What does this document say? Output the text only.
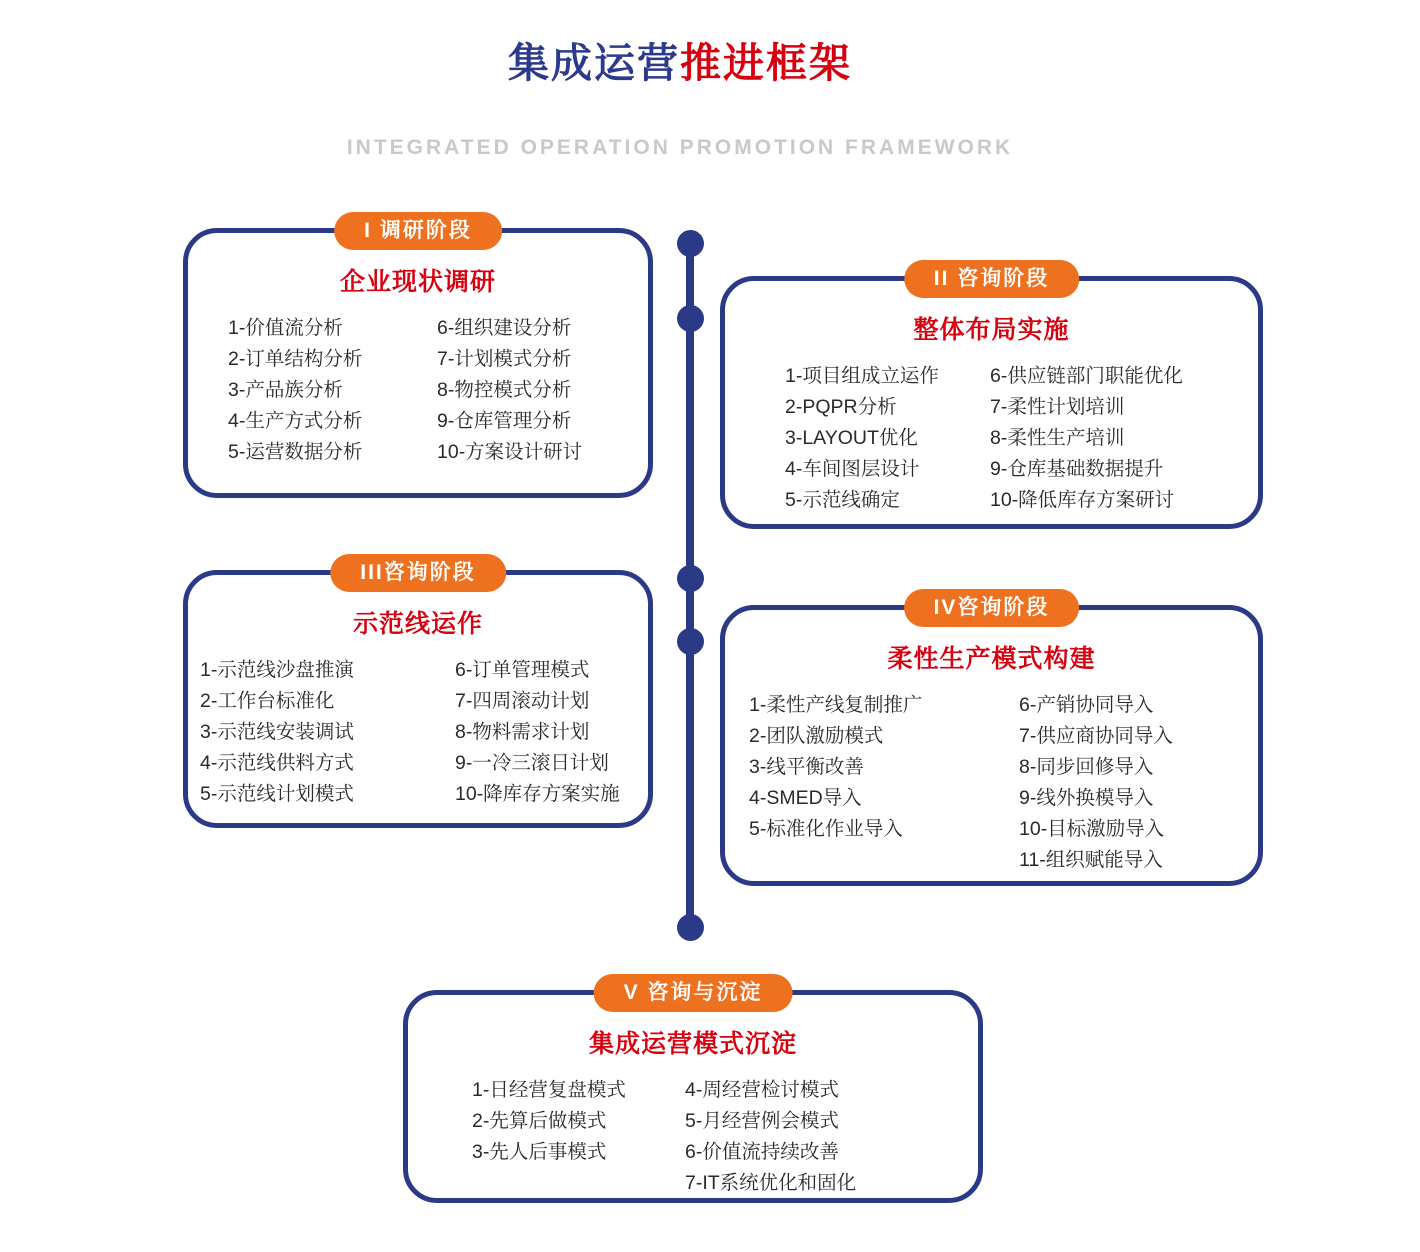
集成运营推进框架
INTEGRATED OPERATION PROMOTION FRAMEWORK
I 调研阶段
企业现状调研
1-价值流分析
2-订单结构分析
3-产品族分析
4-生产方式分析
5-运营数据分析
6-组织建设分析
7-计划模式分析
8-物控模式分析
9-仓库管理分析
10-方案设计研讨
II 咨询阶段
整体布局实施
1-项目组成立运作
2-PQPR分析
3-LAYOUT优化
4-车间图层设计
5-示范线确定
6-供应链部门职能优化
7-柔性计划培训
8-柔性生产培训
9-仓库基础数据提升
10-降低库存方案研讨
III咨询阶段
示范线运作
1-示范线沙盘推演
2-工作台标准化
3-示范线安装调试
4-示范线供料方式
5-示范线计划模式
6-订单管理模式
7-四周滚动计划
8-物料需求计划
9-一冷三滚日计划
10-降库存方案实施
IV咨询阶段
柔性生产模式构建
1-柔性产线复制推广
2-团队激励模式
3-线平衡改善
4-SMED导入
5-标准化作业导入
6-产销协同导入
7-供应商协同导入
8-同步回修导入
9-线外换模导入
10-目标激励导入
11-组织赋能导入
V 咨询与沉淀
集成运营模式沉淀
1-日经营复盘模式
2-先算后做模式
3-先人后事模式
4-周经营检讨模式
5-月经营例会模式
6-价值流持续改善
7-IT系统优化和固化
